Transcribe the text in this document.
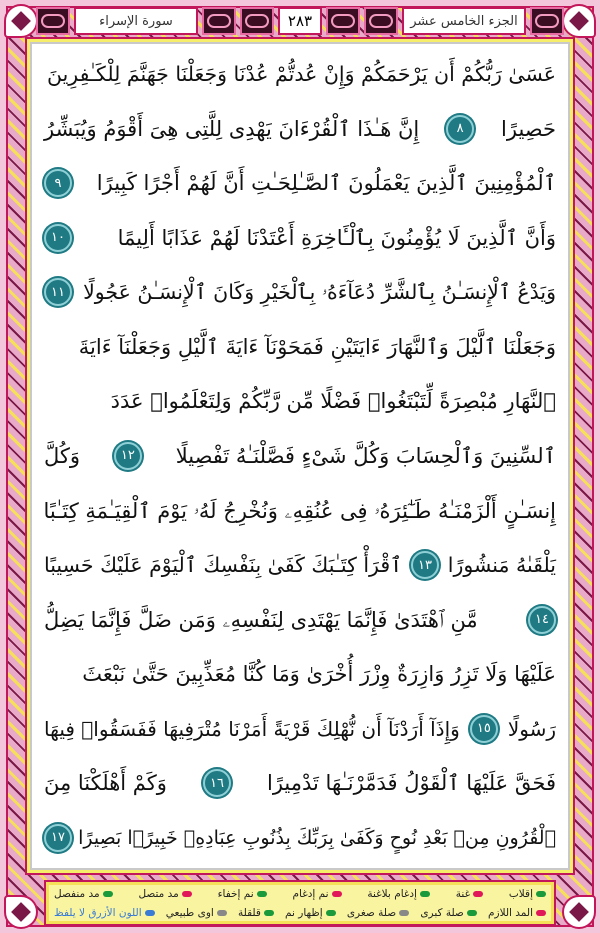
سورة الإسراء	٢٨٣	الجزء الخامس عشر
عَسَىٰ رَبُّكُمْ أَن يَرْحَمَكُمْ وَإِنْ عُدتُّمْ عُدْنَا وَجَعَلْنَا جَهَنَّمَ لِلْكَـٰفِرِينَ
حَصِيرًا
٨
إِنَّ هَـٰذَا ٱلْقُرْءَانَ يَهْدِى لِلَّتِى هِىَ أَقْوَمُ وَيُبَشِّرُ
ٱلْمُؤْمِنِينَ ٱلَّذِينَ يَعْمَلُونَ ٱلصَّـٰلِحَـٰتِ أَنَّ لَهُمْ أَجْرًا كَبِيرًا
٩
وَأَنَّ ٱلَّذِينَ لَا يُؤْمِنُونَ بِٱلْـَٔاخِرَةِ أَعْتَدْنَا لَهُمْ عَذَابًا أَلِيمًا
١٠
وَيَدْعُ ٱلْإِنسَـٰنُ بِٱلشَّرِّ دُعَآءَهُۥ بِٱلْخَيْرِ وَكَانَ ٱلْإِنسَـٰنُ عَجُولًا
١١
وَجَعَلْنَا ٱلَّيْلَ وَٱلنَّهَارَ ءَايَتَيْنِ فَمَحَوْنَآ ءَايَةَ ٱلَّيْلِ وَجَعَلْنَآ ءَايَةَ
ٱلنَّهَارِ مُبْصِرَةً لِّتَبْتَغُوا۟ فَضْلًا مِّن رَّبِّكُمْ وَلِتَعْلَمُوا۟ عَدَدَ
ٱلسِّنِينَ وَٱلْحِسَابَ وَكُلَّ شَىْءٍ فَصَّلْنَـٰهُ تَفْصِيلًا
١٢
وَكُلَّ
إِنسَـٰنٍ أَلْزَمْنَـٰهُ طَـٰٓئِرَهُۥ فِى عُنُقِهِۦ وَنُخْرِجُ لَهُۥ يَوْمَ ٱلْقِيَـٰمَةِ كِتَـٰبًا
يَلْقَىٰهُ مَنشُورًا
١٣
ٱقْرَأْ كِتَـٰبَكَ كَفَىٰ بِنَفْسِكَ ٱلْيَوْمَ عَلَيْكَ حَسِيبًا
١٤
مَّنِ ٱهْتَدَىٰ فَإِنَّمَا يَهْتَدِى لِنَفْسِهِۦ وَمَن ضَلَّ فَإِنَّمَا يَضِلُّ
عَلَيْهَا وَلَا تَزِرُ وَازِرَةٌ وِزْرَ أُخْرَىٰ وَمَا كُنَّا مُعَذِّبِينَ حَتَّىٰ نَبْعَثَ
رَسُولًا
١٥
وَإِذَآ أَرَدْنَآ أَن نُّهْلِكَ قَرْيَةً أَمَرْنَا مُتْرَفِيهَا فَفَسَقُوا۟ فِيهَا
فَحَقَّ عَلَيْهَا ٱلْقَوْلُ فَدَمَّرْنَـٰهَا تَدْمِيرًا
١٦
وَكَمْ أَهْلَكْنَا مِنَ
ٱلْقُرُونِ مِنۢ بَعْدِ نُوحٍ وَكَفَىٰ بِرَبِّكَ بِذُنُوبِ عِبَادِهِۦ خَبِيرًۢا بَصِيرًا
١٧
إقلاب
غنة
إدغام بلاغنة
نم إدغام
نم إخفاء
مد متصل
مد منفصل
المد اللازم
صلة كبرى
صلة صغرى
إظهار نم
قلقلة
اوى طبيعي
اللون الأزرق لا يلفظ
